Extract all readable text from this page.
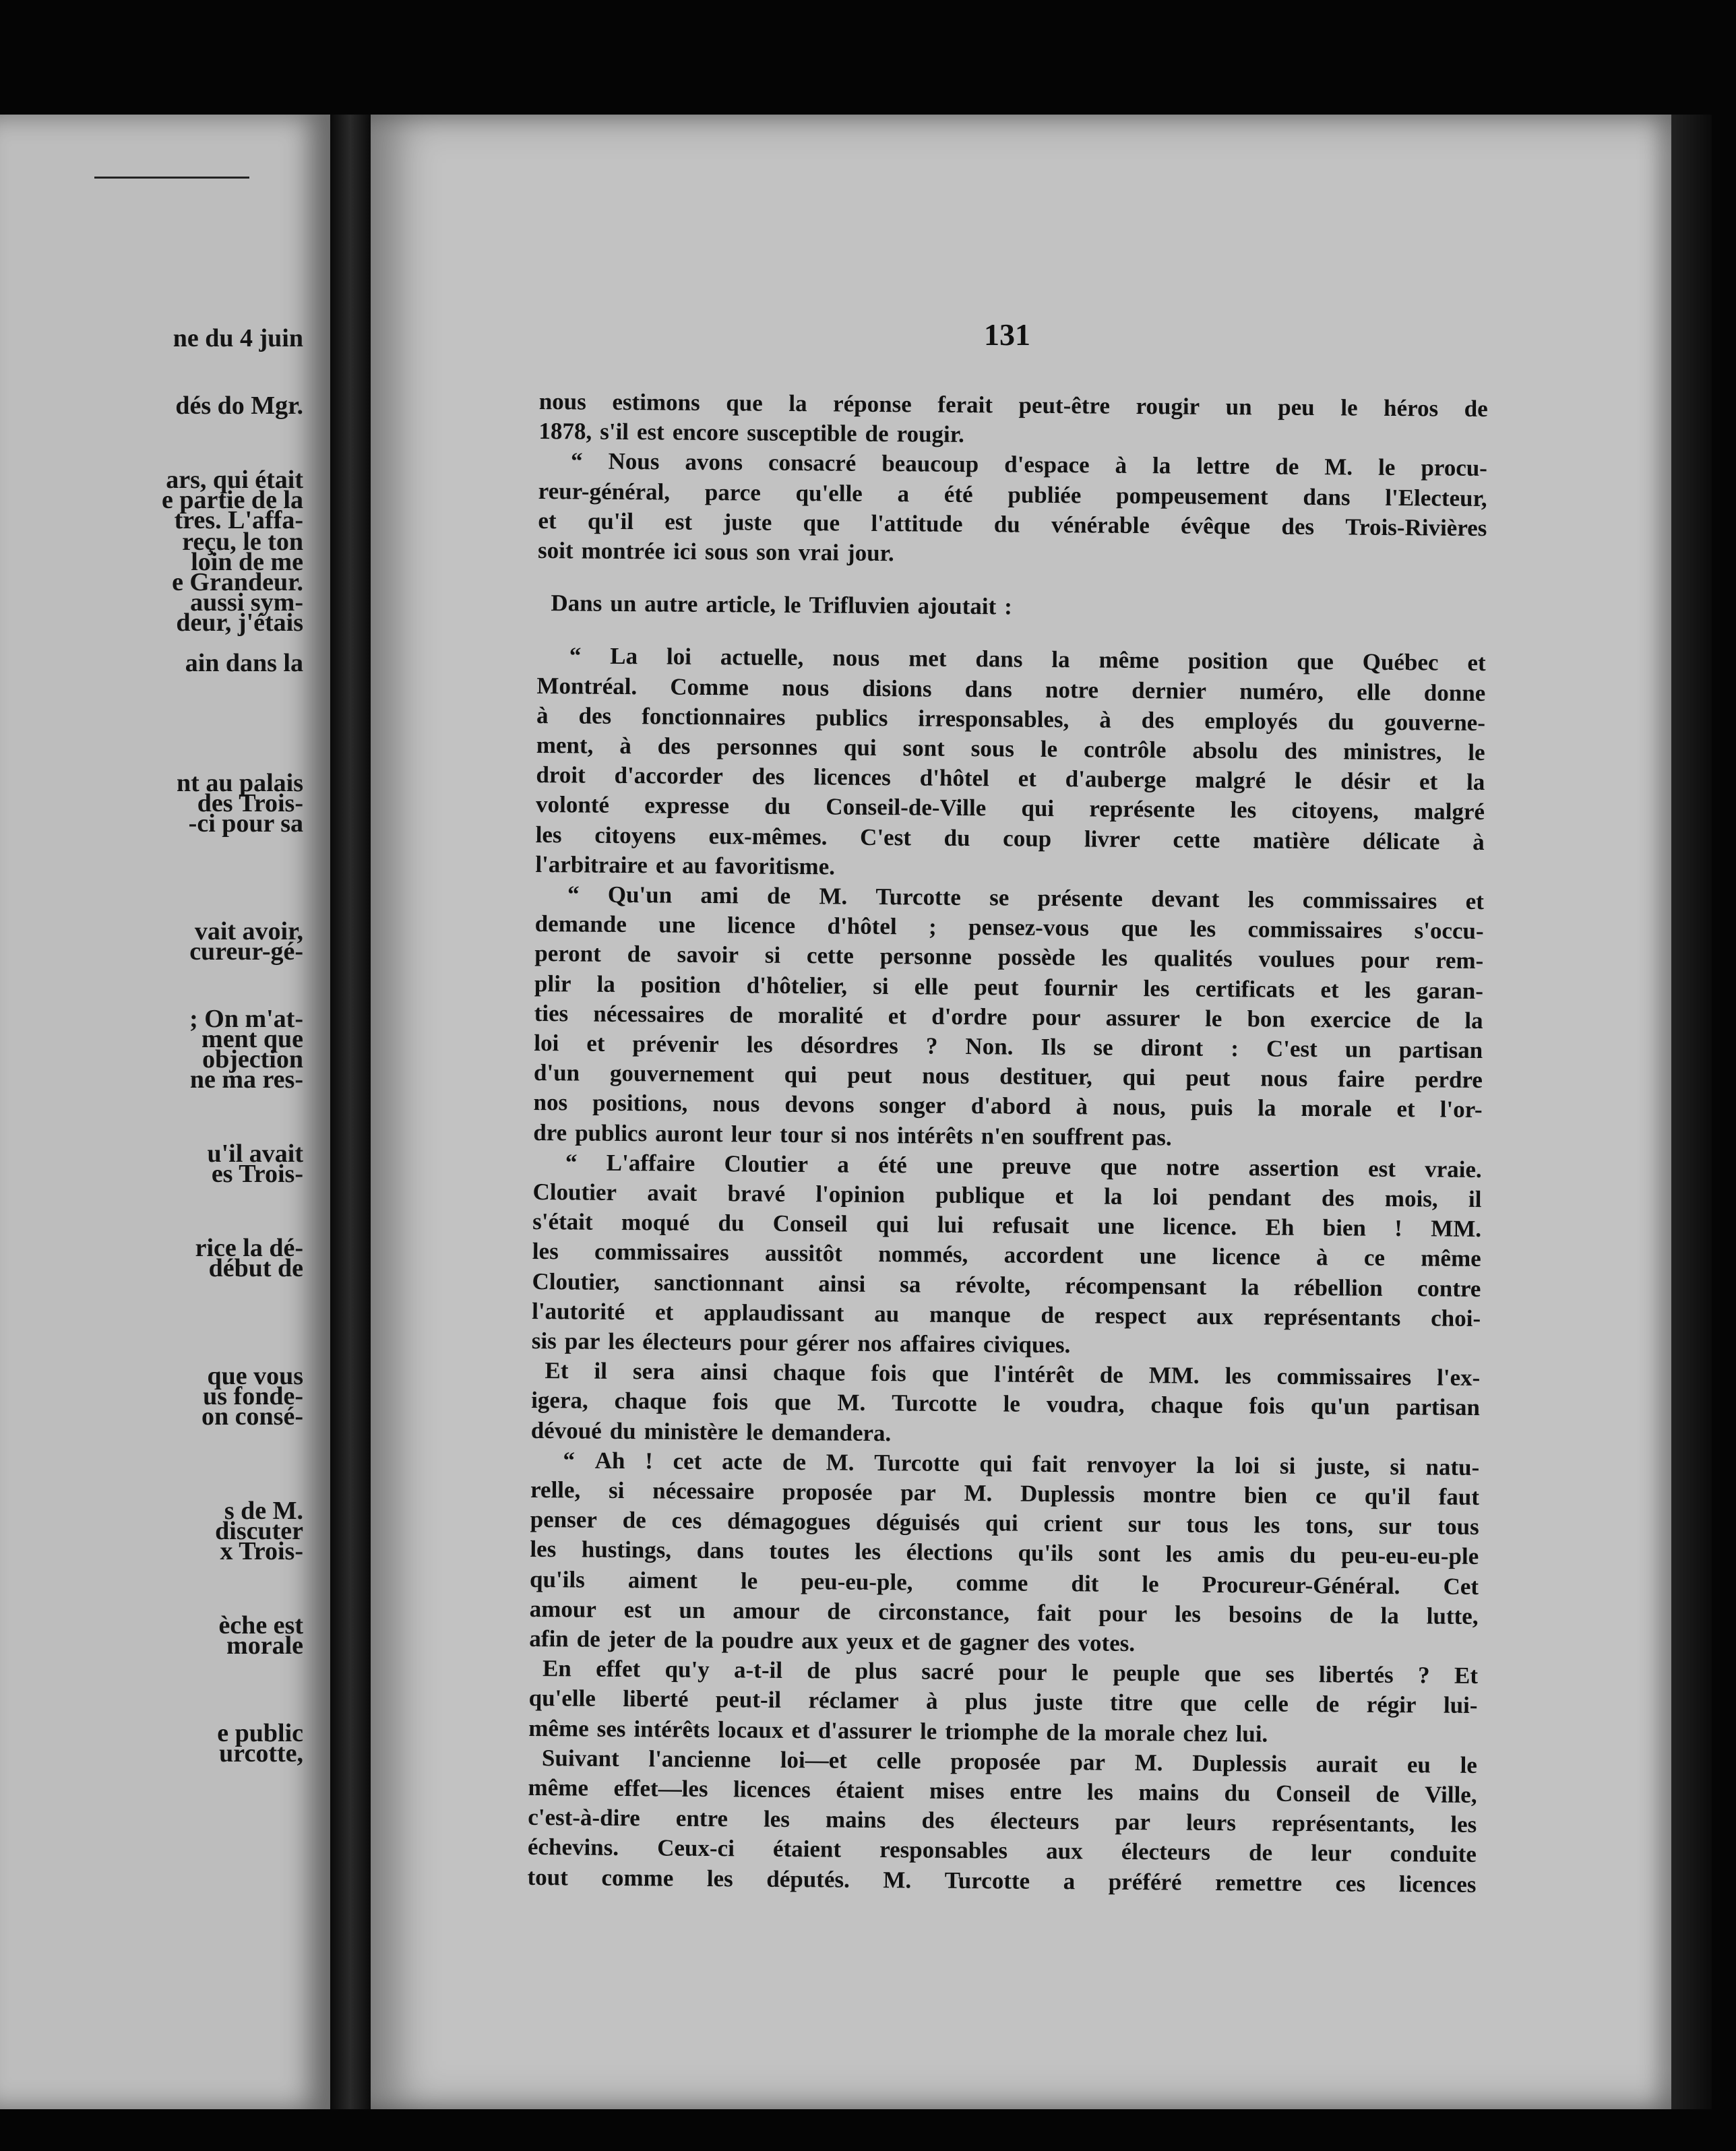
ne du 4 juin
dés do Mgr.
ars, qui était
e partie de la
tres. L'affa-
reçu, le ton
loin de me
e Grandeur.
aussi sym-
deur, j'étais
ain dans la
nt au palais
des Trois-
-ci pour sa
vait avoir,
cureur-gé-
; On m'at-
ment que
objection
ne ma res-
u'il avait
es Trois-
rice la dé-
début de
que vous
us fonde-
on consé-
s de M.
discuter
x Trois-
èche est
morale
e public
urcotte,
131
nous estimons que la réponse ferait peut-être rougir un peu le héros de
1878, s'il est encore susceptible de rougir.
“ Nous avons consacré beaucoup d'espace à la lettre de M. le procu-
reur-général, parce qu'elle a été publiée pompeusement dans l'Electeur,
et qu'il est juste que l'attitude du vénérable évêque des Trois-Rivières
soit montrée ici sous son vrai jour.
Dans un autre article, le Trifluvien ajoutait :
“ La loi actuelle, nous met dans la même position que Québec et
Montréal. Comme nous disions dans notre dernier numéro, elle donne
à des fonctionnaires publics irresponsables, à des employés du gouverne-
ment, à des personnes qui sont sous le contrôle absolu des ministres, le
droit d'accorder des licences d'hôtel et d'auberge malgré le désir et la
volonté expresse du Conseil-de-Ville qui représente les citoyens, malgré
les citoyens eux-mêmes. C'est du coup livrer cette matière délicate à
l'arbitraire et au favoritisme.
“ Qu'un ami de M. Turcotte se présente devant les commissaires et
demande une licence d'hôtel ; pensez-vous que les commissaires s'occu-
peront de savoir si cette personne possède les qualités voulues pour rem-
plir la position d'hôtelier, si elle peut fournir les certificats et les garan-
ties nécessaires de moralité et d'ordre pour assurer le bon exercice de la
loi et prévenir les désordres ? Non. Ils se diront : C'est un partisan
d'un gouvernement qui peut nous destituer, qui peut nous faire perdre
nos positions, nous devons songer d'abord à nous, puis la morale et l'or-
dre publics auront leur tour si nos intérêts n'en souffrent pas.
“ L'affaire Cloutier a été une preuve que notre assertion est vraie.
Cloutier avait bravé l'opinion publique et la loi pendant des mois, il
s'était moqué du Conseil qui lui refusait une licence. Eh bien ! MM.
les commissaires aussitôt nommés, accordent une licence à ce même
Cloutier, sanctionnant ainsi sa révolte, récompensant la rébellion contre
l'autorité et applaudissant au manque de respect aux représentants choi-
sis par les électeurs pour gérer nos affaires civiques.
Et il sera ainsi chaque fois que l'intérêt de MM. les commissaires l'ex-
igera, chaque fois que M. Turcotte le voudra, chaque fois qu'un partisan
dévoué du ministère le demandera.
“ Ah ! cet acte de M. Turcotte qui fait renvoyer la loi si juste, si natu-
relle, si nécessaire proposée par M. Duplessis montre bien ce qu'il faut
penser de ces démagogues déguisés qui crient sur tous les tons, sur tous
les hustings, dans toutes les élections qu'ils sont les amis du peu-eu-eu-ple
qu'ils aiment le peu-eu-ple, comme dit le Procureur-Général. Cet
amour est un amour de circonstance, fait pour les besoins de la lutte,
afin de jeter de la poudre aux yeux et de gagner des votes.
En effet qu'y a-t-il de plus sacré pour le peuple que ses libertés ? Et
qu'elle liberté peut-il réclamer à plus juste titre que celle de régir lui-
même ses intérêts locaux et d'assurer le triomphe de la morale chez lui.
Suivant l'ancienne loi—et celle proposée par M. Duplessis aurait eu le
même effet—les licences étaient mises entre les mains du Conseil de Ville,
c'est-à-dire entre les mains des électeurs par leurs représentants, les
échevins. Ceux-ci étaient responsables aux électeurs de leur conduite
tout comme les députés. M. Turcotte a préféré remettre ces licences
